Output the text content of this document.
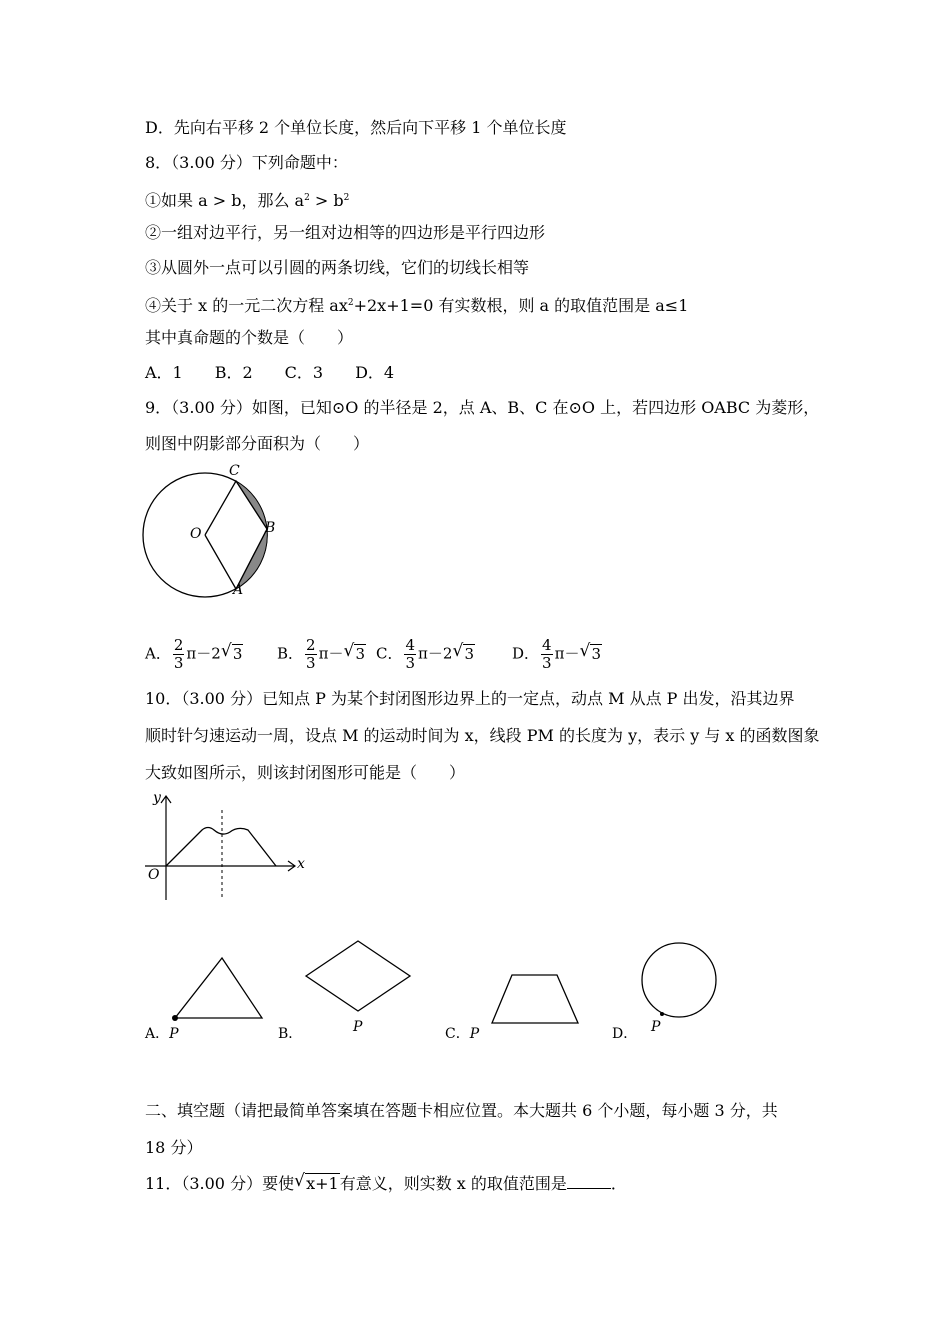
D．先向右平移 2 个单位长度，然后向下平移 1 个单位长度
8．（3.00 分）下列命题中：
①如果 a > b，那么 $a^2 > b^2$
②一组对边平行，另一组对边相等的四边形是平行四边形
③从圆外一点可以引圆的两条切线，它们的切线长相等
④关于 x 的一元二次方程 $ax^2+2x+1=0$ 有实数根，则 a 的取值范围是 a≤1
其中真命题的个数是（　　）
A．1　　B．2　　C．3　　D．4
9．（3.00 分）如图，已知⊙O 的半径是 2，点 A、B、C 在⊙O 上，若四边形 OABC 为菱形，
则图中阴影部分面积为（　　）
C
O	B
A
A． $\frac{2}{3} \pi-2$ √ 3 B． $\frac{2}{3} \pi-$ √ 3 C． $\frac{4}{3} \pi-2$ √ 3	D． $\frac{4}{3} \pi-$ √ 3
10．（3.00 分）已知点 P 为某个封闭图形边界上的一定点，动点 M 从点 P 出发，沿其边界
顺时针匀速运动一周，设点 M 的运动时间为 x，线段 PM 的长度为 y，表示 y 与 x 的函数图象
大致如图所示，则该封闭图形可能是（　　）
y
x
O
A．P	B．	P	C．P	D． P
二、填空题（请把最简单答案填在答题卡相应位置。本大题共 6 个小题，每小题 3 分，共
18 分）
11．（3.00 分）要使 √ x+1有意义，则实数 x 的取值范围是	．
